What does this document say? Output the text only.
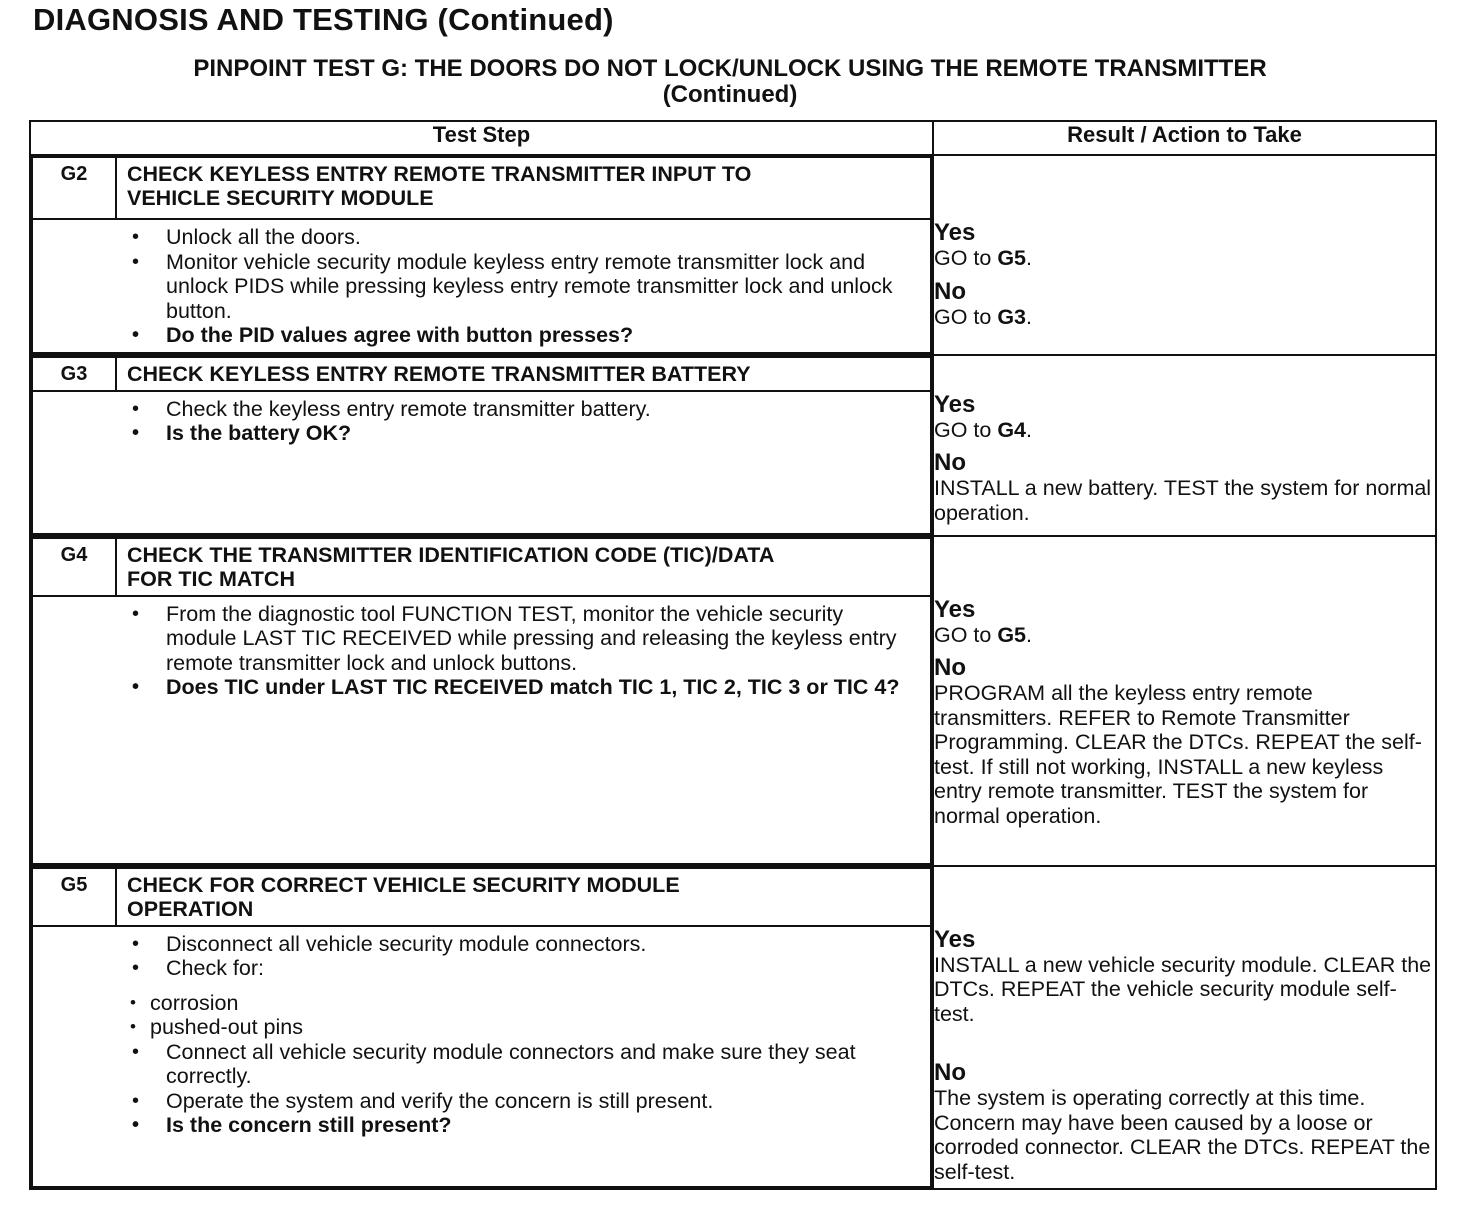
DIAGNOSIS AND TESTING (Continued)
PINPOINT TEST G: THE DOORS DO NOT LOCK/UNLOCK USING THE REMOTE TRANSMITTER
(Continued)
Test Step	Result / Action to Take

G2	CHECK KEYLESS ENTRY REMOTE TRANSMITTER INPUT TO
VEHICLE SECURITY MODULE

• Unlock all the doors.
• Monitor vehicle security module keyless entry remote transmitter lock and unlock PIDS while pressing keyless entry remote transmitter lock and unlock button.
• Do the PID values agree with button presses?

Yes
GO to G5.
No
GO to G3.

G3	CHECK KEYLESS ENTRY REMOTE TRANSMITTER BATTERY

• Check the keyless entry remote transmitter battery.
• Is the battery OK?

Yes
GO to G4.
No
INSTALL a new battery. TEST the system for normal operation.

G4	CHECK THE TRANSMITTER IDENTIFICATION CODE (TIC)/DATA
FOR TIC MATCH

• From the diagnostic tool FUNCTION TEST, monitor the vehicle security module LAST TIC RECEIVED while pressing and releasing the keyless entry remote transmitter lock and unlock buttons.
• Does TIC under LAST TIC RECEIVED match TIC 1, TIC 2, TIC 3 or TIC 4?

Yes
GO to G5.
No
PROGRAM all the keyless entry remote transmitters. REFER to Remote Transmitter Programming. CLEAR the DTCs. REPEAT the self-test. If still not working, INSTALL a new keyless entry remote transmitter. TEST the system for normal operation.

G5	CHECK FOR CORRECT VEHICLE SECURITY MODULE
OPERATION

• Disconnect all vehicle security module connectors.
• Check for:
• corrosion
• pushed-out pins
• Connect all vehicle security module connectors and make sure they seat correctly.
• Operate the system and verify the concern is still present.
• Is the concern still present?

Yes
INSTALL a new vehicle security module. CLEAR the DTCs. REPEAT the vehicle security module self-test.
No
The system is operating correctly at this time. Concern may have been caused by a loose or corroded connector. CLEAR the DTCs. REPEAT the self-test.
